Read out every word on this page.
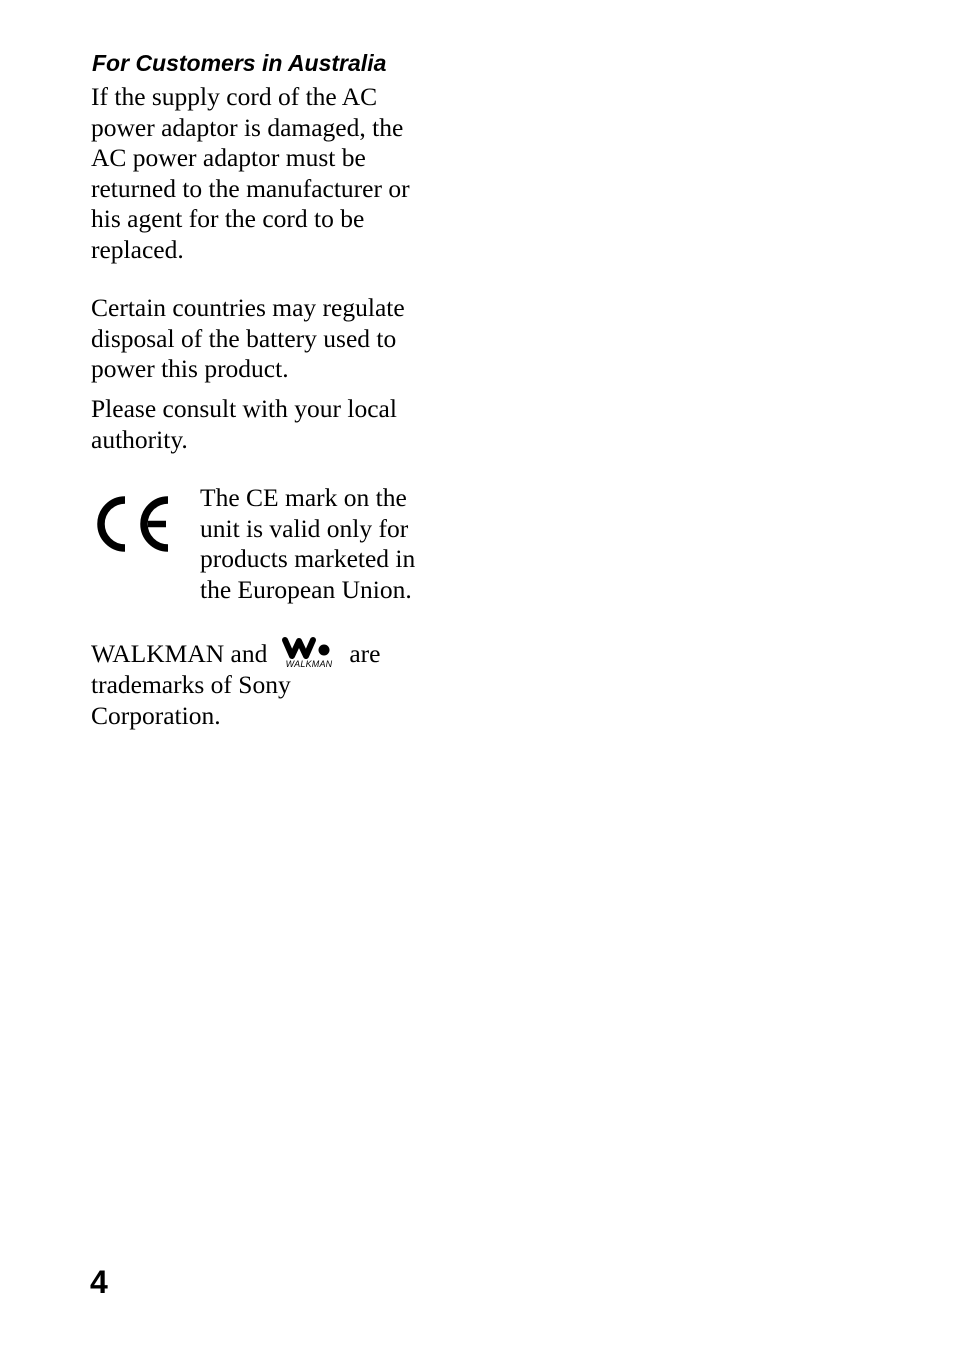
For Customers in Australia

If the supply cord of the AC
power adaptor is damaged, the
AC power adaptor must be
returned to the manufacturer or
his agent for the cord to be
replaced.

Certain countries may regulate
disposal of the battery used to
power this product.

Please consult with your local
authority.

The CE mark on the
unit is valid only for
products marketed in
the European Union.

WALKMAN and WALKMAN are
trademarks of Sony
Corporation.

4
